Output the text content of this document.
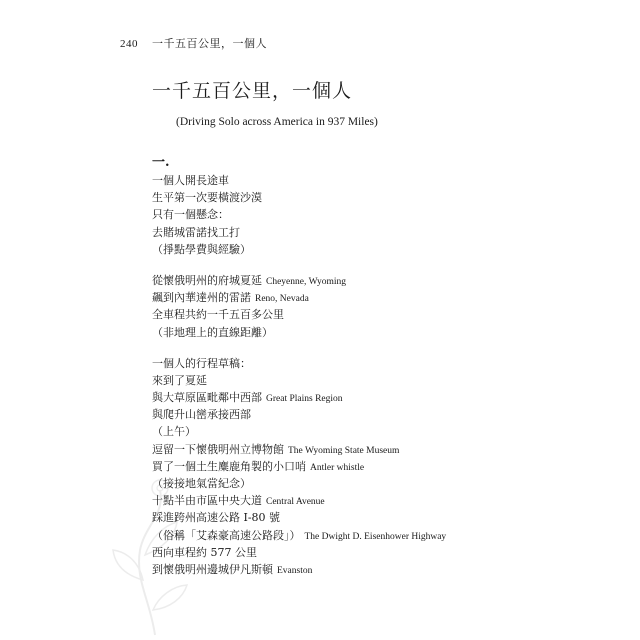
240 一千五百公里，一個人
一千五百公里，一個人
(Driving Solo across America in 937 Miles)
一.
一個人開長途車
生平第一次要橫渡沙漠
只有一個懸念：
去賭城雷諾找工打
（掙點學費與經驗）
從懷俄明州的府城夏延 Cheyenne, Wyoming
飆到內華達州的雷諾 Reno, Nevada
全車程共約一千五百多公里
（非地理上的直線距離）
一個人的行程草稿：
來到了夏延
與大草原區毗鄰中西部 Great Plains Region
與爬升山巒承接西部
（上午）
逗留一下懷俄明州立博物館 The Wyoming State Museum
買了一個土生麋鹿角製的小口哨 Antler whistle
（接接地氣當紀念）
十點半由市區中央大道 Central Avenue
踩進跨州高速公路 I-80 號
（俗稱「艾森豪高速公路段」） The Dwight D. Eisenhower Highway
西向車程約 577 公里
到懷俄明州邊城伊凡斯頓 Evanston
